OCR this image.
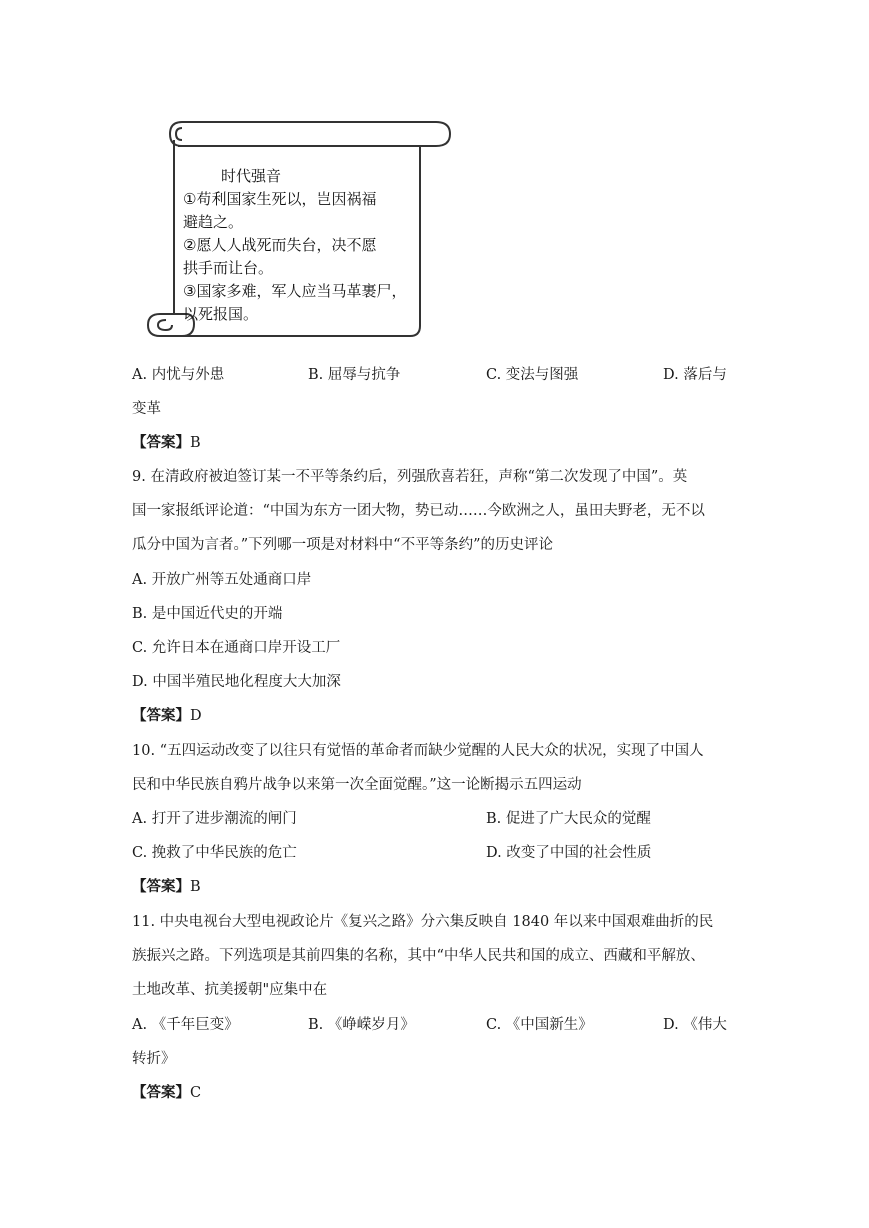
时代强音
①苟利国家生死以，岂因祸福
避趋之。
②愿人人战死而失台，决不愿
拱手而让台。
③国家多难，军人应当马革裹尸，
以死报国。
A. 内忧与外患	B. 屈辱与抗争	C. 变法与图强	D. 落后与
变革
【答案】B
9. 在清政府被迫签订某一不平等条约后，列强欣喜若狂，声称“第二次发现了中国”。英
国一家报纸评论道：“中国为东方一团大物，势已动……今欧洲之人，虽田夫野老，无不以
瓜分中国为言者。”下列哪一项是对材料中“不平等条约”的历史评论
A. 开放广州等五处通商口岸
B. 是中国近代史的开端
C. 允许日本在通商口岸开设工厂
D. 中国半殖民地化程度大大加深
【答案】D
10. “五四运动改变了以往只有觉悟的革命者而缺少觉醒的人民大众的状况，实现了中国人
民和中华民族自鸦片战争以来第一次全面觉醒。”这一论断揭示五四运动
A. 打开了进步潮流的闸门	B. 促进了广大民众的觉醒
C. 挽救了中华民族的危亡	D. 改变了中国的社会性质
【答案】B
11. 中央电视台大型电视政论片《复兴之路》分六集反映自 1840 年以来中国艰难曲折的民
族振兴之路。下列选项是其前四集的名称，其中“中华人民共和国的成立、西藏和平解放、
土地改革、抗美援朝"应集中在
A. 《千年巨变》	B. 《峥嵘岁月》	C. 《中国新生》	D. 《伟大
转折》
【答案】C
